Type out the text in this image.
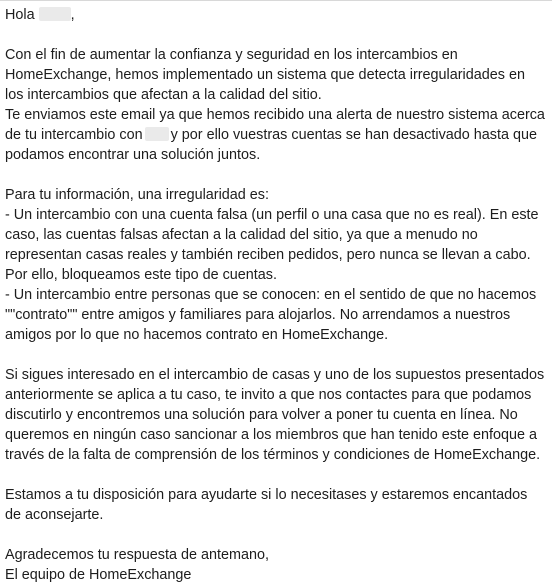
Hola	,
Con el fin de aumentar la confianza y seguridad en los intercambios en
HomeExchange, hemos implementado un sistema que detecta irregularidades en
los intercambios que afectan a la calidad del sitio.
Te enviamos este email ya que hemos recibido una alerta de nuestro sistema acerca
de tu intercambio con y por ello vuestras cuentas se han desactivado hasta que
podamos encontrar una solución juntos.
Para tu información, una irregularidad es:
- Un intercambio con una cuenta falsa (un perfil o una casa que no es real). En este
caso, las cuentas falsas afectan a la calidad del sitio, ya que a menudo no
representan casas reales y también reciben pedidos, pero nunca se llevan a cabo.
Por ello, bloqueamos este tipo de cuentas.
- Un intercambio entre personas que se conocen: en el sentido de que no hacemos
""contrato"" entre amigos y familiares para alojarlos. No arrendamos a nuestros
amigos por lo que no hacemos contrato en HomeExchange.
Si sigues interesado en el intercambio de casas y uno de los supuestos presentados
anteriormente se aplica a tu caso, te invito a que nos contactes para que podamos
discutirlo y encontremos una solución para volver a poner tu cuenta en línea. No
queremos en ningún caso sancionar a los miembros que han tenido este enfoque a
través de la falta de comprensión de los términos y condiciones de HomeExchange.
Estamos a tu disposición para ayudarte si lo necesitases y estaremos encantados
de aconsejarte.
Agradecemos tu respuesta de antemano,
El equipo de HomeExchange
